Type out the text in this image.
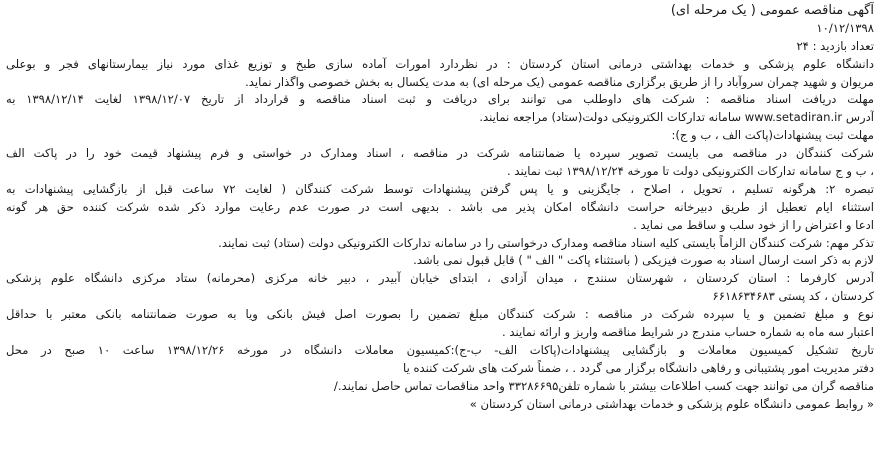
آگهی مناقصه عمومی ( یک مرحله ای)
۱۰/۱۲/۱۳۹۸
تعداد بازدید : ۲۴
دانشگاه علوم پزشکی و خدمات بهداشتی درمانی استان کردستان : در نظردارد امورات آماده سازی طبخ و توزیع غذای مورد نیاز بیمارستانهای فجر و بوعلی
مریوان و شهید چمران سروآباد را از طریق برگزاری مناقصه عمومی (یک مرحله ای) به مدت یکسال به بخش خصوصی واگذار نماید.
مهلت دریافت اسناد مناقصه : شرکت های داوطلب می توانند برای دریافت و ثبت اسناد مناقصه و قرارداد از تاریخ ۱۳۹۸/۱۲/۰۷ لغایت ۱۳۹۸/۱۲/۱۴ به
آدرس www.setadiran.ir سامانه تدارکات الکترونیکی دولت(ستاد) مراجعه نمایند.
مهلت ثبت پیشنهادات(پاکت الف ، ب و ج):
شرکت کنندگان در مناقصه می بایست تصویر سپرده یا ضمانتنامه شرکت در مناقصه ، اسناد ومدارک در خواستی و فرم پیشنهاد قیمت خود را در پاکت الف
، ب و ج سامانه تدارکات الکترونیکی دولت تا مورخه ۱۳۹۸/۱۲/۲۴ ثبت نمایند .
تبصره ۲: هرگونه تسلیم ، تحویل ، اصلاح ، جایگزینی و یا پس گرفتن پیشنهادات توسط شرکت کنندگان ( لغایت ۷۲ ساعت قبل از بازگشایی پیشنهادات به
استثناء ایام تعطیل از طریق دبیرخانه حراست دانشگاه امکان پذیر می باشد . بدیهی است در صورت عدم رعایت موارد ذکر شده شرکت کننده حق هر گونه
ادعا و اعتراض را از خود سلب و ساقط می نماید .
تذکر مهم: شرکت کنندگان الزاماً بایستی کلیه اسناد مناقصه ومدارک درخواستی را در سامانه تدارکات الکترونیکی دولت (ستاد) ثبت نمایند.
لازم به ذکر است ارسال اسناد به صورت فیزیکی ( باستثناء پاکت " الف " ) قابل قبول نمی باشد.
آدرس کارفرما : استان کردستان ، شهرستان سنندج ، میدان آزادی ، ابتدای خیابان آبیدر ، دبیر خانه مرکزی (محرمانه) ستاد مرکزی دانشگاه علوم پزشکی
کردستان ، کد پستی ۶۶۱۸۶۳۴۶۸۳
نوع و مبلغ تضمین و یا سپرده شرکت در مناقصه : شرکت کنندگان مبلغ تضمین را بصورت اصل فیش بانکی ویا به صورت ضمانتنامه بانکی معتبر با حداقل
اعتبار سه ماه به شماره حساب مندرج در شرایط مناقصه واریز و ارائه نمایند .
تاریخ تشکیل کمیسیون معاملات و بازگشایی پیشنهادات(پاکات الف- ب-ج):کمیسیون معاملات دانشگاه در مورخه ۱۳۹۸/۱۲/۲۶ ساعت ۱۰ صبح در محل
دفتر مدیریت امور پشتیبانی و رفاهی دانشگاه برگزار می گردد . ، ضمناً شرکت های شرکت کننده یا
مناقصه گران می توانند جهت کسب اطلاعات بیشتر با شماره تلفن۳۳۲۸۶۶۹۵ واحد مناقصات تماس حاصل نمایند./
« روابط عمومی دانشگاه علوم پزشکی و خدمات بهداشتی درمانی استان کردستان »
